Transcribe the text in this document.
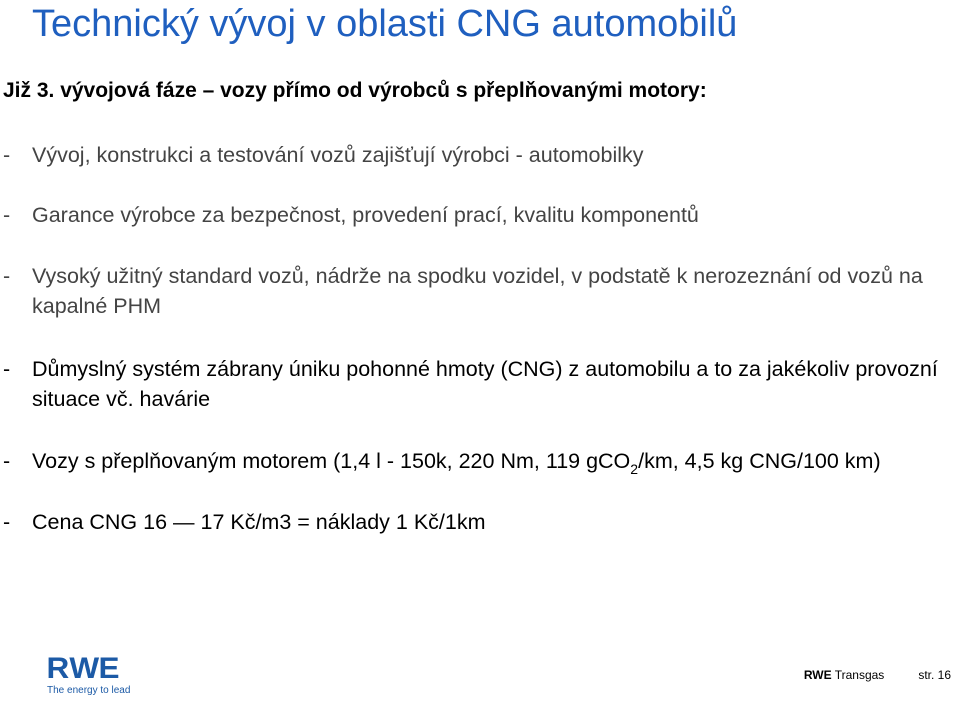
Technický vývoj v oblasti CNG automobilů
Již 3. vývojová fáze – vozy přímo od výrobců s přeplňovanými motory:
-	Vývoj, konstrukci a testování vozů zajišťují výrobci - automobilky
-	Garance výrobce za bezpečnost, provedení prací, kvalitu komponentů
-	Vysoký užitný standard vozů, nádrže na spodku vozidel, v podstatě k nerozeznání od vozů na kapalné PHM
-	Důmyslný systém zábrany úniku pohonné hmoty (CNG) z automobilu a to za jakékoliv provozní situace vč. havárie
-	Vozy s přeplňovaným motorem (1,4 l - 150k, 220 Nm, 119 gCO$_2$/km, 4,5 kg CNG/100 km)
-	Cena CNG 16 — 17 Kč/m3 = náklady 1 Kč/1km
R W E
The energy to lead
RWE Transgas	str. 16
